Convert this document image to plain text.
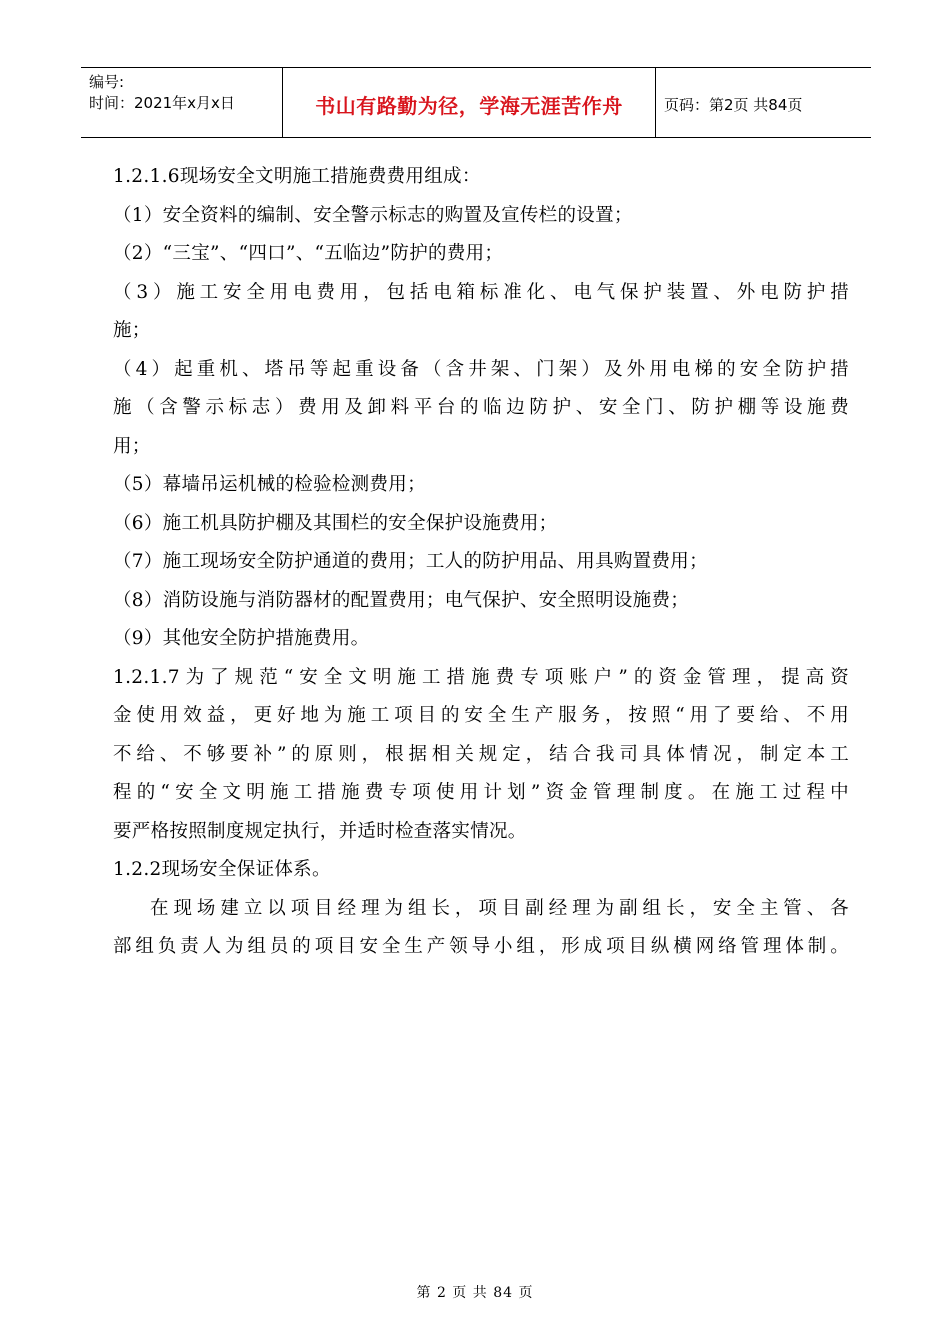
编号:
时间：2021年x月x日	书山有路勤为径，学海无涯苦作舟	页码：第2页 共84页
1.2.1.6现场安全文明施工措施费费用组成：
（1）安全资料的编制、安全警示标志的购置及宣传栏的设置；
（2）“三宝”、“四口”、“五临边”防护的费用；
（3）施工安全用电费用，包括电箱标准化、电气保护装置、外电防护措
施；
（4）起重机、塔吊等起重设备（含井架、门架）及外用电梯的安全防护措
施（含警示标志）费用及卸料平台的临边防护、安全门、防护棚等设施费
用；
（5）幕墙吊运机械的检验检测费用；
（6）施工机具防护棚及其围栏的安全保护设施费用；
（7）施工现场安全防护通道的费用；工人的防护用品、用具购置费用；
（8）消防设施与消防器材的配置费用；电气保护、安全照明设施费；
（9）其他安全防护措施费用。
1.2.1.7为了规范“安全文明施工措施费专项账户”的资金管理，提高资
金使用效益，更好地为施工项目的安全生产服务，按照“用了要给、不用
不给、不够要补”的原则，根据相关规定，结合我司具体情况，制定本工
程的“安全文明施工措施费专项使用计划”资金管理制度。在施工过程中
要严格按照制度规定执行，并适时检查落实情况。
1.2.2现场安全保证体系。
在现场建立以项目经理为组长，项目副经理为副组长，安全主管、各
部组负责人为组员的项目安全生产领导小组，形成项目纵横网络管理体制。
第 2 页 共 84 页
